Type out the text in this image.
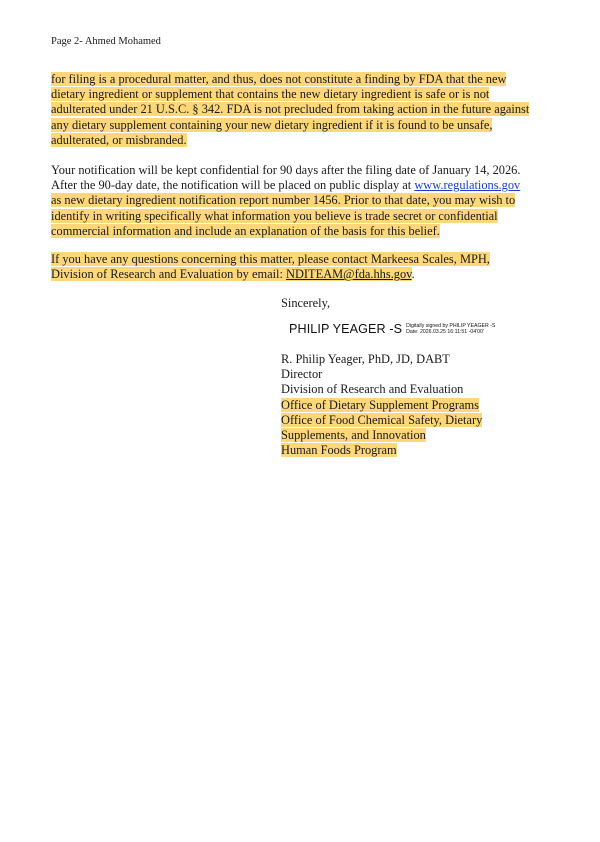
Page 2- Ahmed Mohamed
for filing is a procedural matter, and thus, does not constitute a finding by FDA that the new
dietary ingredient or supplement that contains the new dietary ingredient is safe or is not
adulterated under 21 U.S.C. § 342. FDA is not precluded from taking action in the future against
any dietary supplement containing your new dietary ingredient if it is found to be unsafe,
adulterated, or misbranded.
Your notification will be kept confidential for 90 days after the filing date of January 14, 2026.
After the 90-day date, the notification will be placed on public display at www.regulations.gov
as new dietary ingredient notification report number 1456. Prior to that date, you may wish to
identify in writing specifically what information you believe is trade secret or confidential
commercial information and include an explanation of the basis for this belief.
If you have any questions concerning this matter, please contact Markeesa Scales, MPH,
Division of Research and Evaluation by email: NDITEAM@fda.hhs.gov.
Sincerely,
PHILIP YEAGER -S Digitally signed by PHILIP YEAGER -S
Date: 2026.03.25 16:11:51 -04'00'
R. Philip Yeager, PhD, JD, DABT
Director
Division of Research and Evaluation
Office of Dietary Supplement Programs
Office of Food Chemical Safety, Dietary
Supplements, and Innovation
Human Foods Program
